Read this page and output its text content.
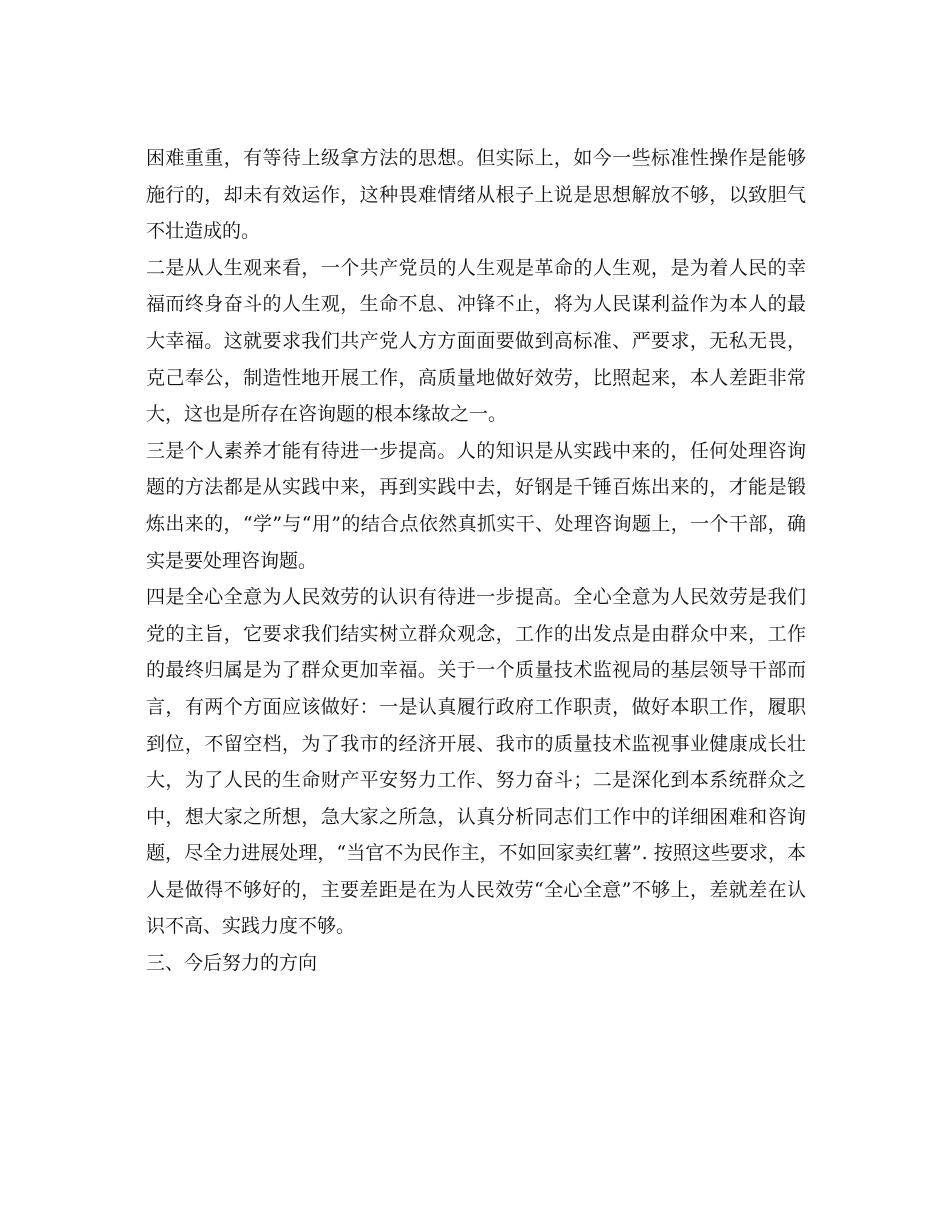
困难重重，有等待上级拿方法的思想。但实际上，如今一些标准性操作是能够施行的，却未有效运作，这种畏难情绪从根子上说是思想解放不够，以致胆气不壮造成的。

二是从人生观来看，一个共产党员的人生观是革命的人生观，是为着人民的幸福而终身奋斗的人生观，生命不息、冲锋不止，将为人民谋利益作为本人的最大幸福。这就要求我们共产党人方方面面要做到高标准、严要求，无私无畏，克己奉公，制造性地开展工作，高质量地做好效劳，比照起来，本人差距非常大，这也是所存在咨询题的根本缘故之一。

三是个人素养才能有待进一步提高。人的知识是从实践中来的，任何处理咨询题的方法都是从实践中来，再到实践中去，好钢是千锤百炼出来的，才能是锻炼出来的，“学”与“用”的结合点依然真抓实干、处理咨询题上，一个干部，确实是要处理咨询题。

四是全心全意为人民效劳的认识有待进一步提高。全心全意为人民效劳是我们党的主旨，它要求我们结实树立群众观念，工作的出发点是由群众中来，工作的最终归属是为了群众更加幸福。关于一个质量技术监视局的基层领导干部而言，有两个方面应该做好：一是认真履行政府工作职责，做好本职工作，履职到位，不留空档，为了我市的经济开展、我市的质量技术监视事业健康成长壮大，为了人民的生命财产平安努力工作、努力奋斗；二是深化到本系统群众之中，想大家之所想，急大家之所急，认真分析同志们工作中的详细困难和咨询题，尽全力进展处理，“当官不为民作主，不如回家卖红薯”. 按照这些要求，本人是做得不够好的，主要差距是在为人民效劳“全心全意”不够上，差就差在认识不高、实践力度不够。

三、今后努力的方向
